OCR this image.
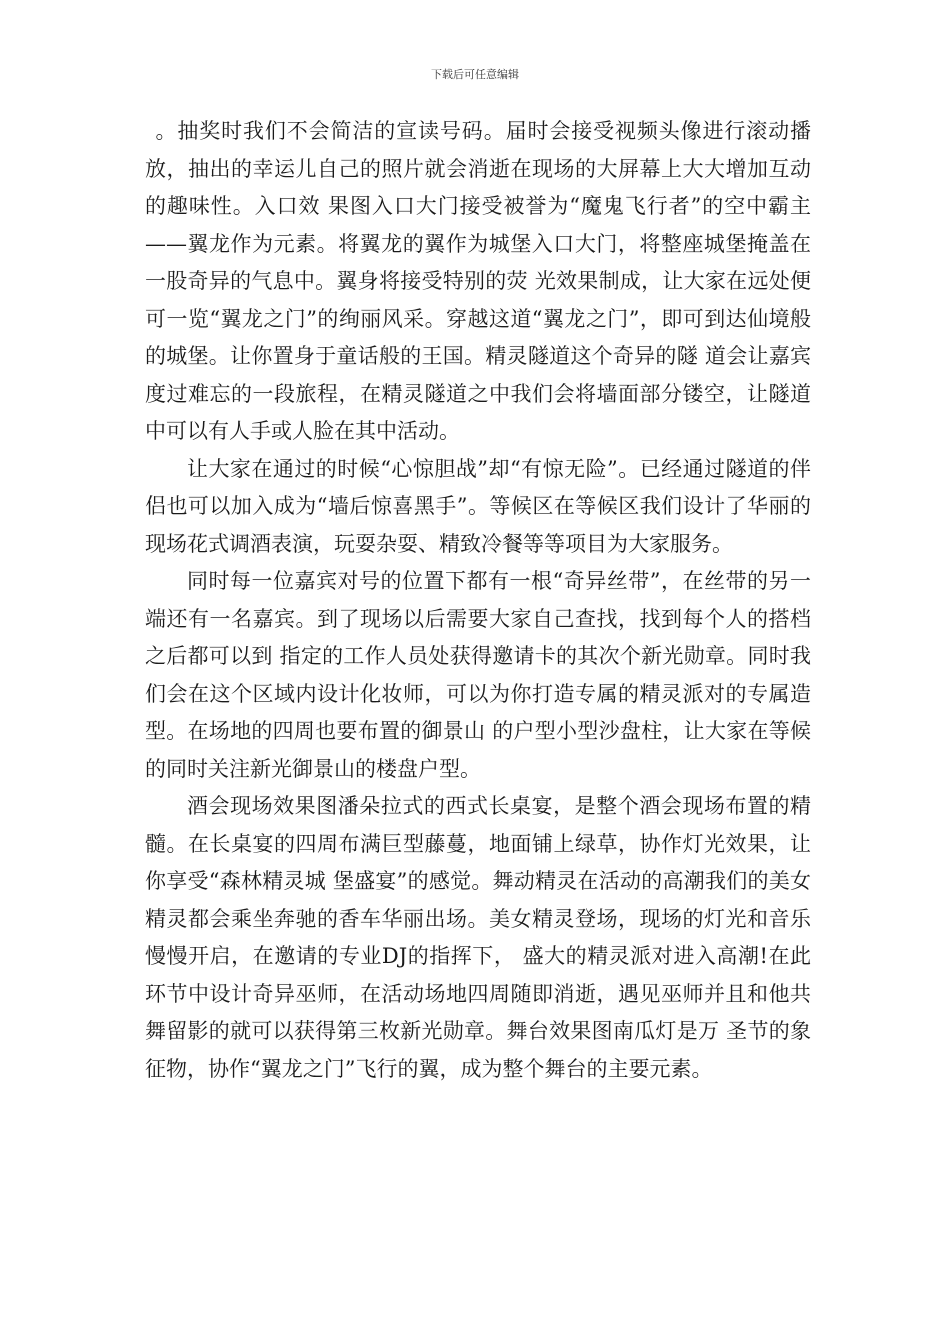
下载后可任意编辑

。抽奖时我们不会简洁的宣读号码。届时会接受视频头像进行滚动播放，抽出的幸运儿自己的照片就会消逝在现场的大屏幕上大大增加互动的趣味性。入口效 果图入口大门接受被誉为“魔鬼飞行者”的空中霸主——翼龙作为元素。将翼龙的翼作为城堡入口大门，将整座城堡掩盖在一股奇异的气息中。翼身将接受特别的荧 光效果制成，让大家在远处便可一览“翼龙之门”的绚丽风采。穿越这道“翼龙之门”，即可到达仙境般的城堡。让你置身于童话般的王国。精灵隧道这个奇异的隧 道会让嘉宾度过难忘的一段旅程，在精灵隧道之中我们会将墙面部分镂空，让隧道中可以有人手或人脸在其中活动。

让大家在通过的时候“心惊胆战”却“有惊无险”。已经通过隧道的伴侣也可以加入成为“墙后惊喜黑手”。等候区在等候区我们设计了华丽的现场花式调酒表演，玩耍杂耍、精致冷餐等等项目为大家服务。

同时每一位嘉宾对号的位置下都有一根“奇异丝带”，在丝带的另一端还有一名嘉宾。到了现场以后需要大家自己查找，找到每个人的搭档之后都可以到 指定的工作人员处获得邀请卡的其次个新光勋章。同时我们会在这个区域内设计化妆师，可以为你打造专属的精灵派对的专属造型。在场地的四周也要布置的御景山 的户型小型沙盘柱，让大家在等候的同时关注新光御景山的楼盘户型。

酒会现场效果图潘朵拉式的西式长桌宴，是整个酒会现场布置的精髓。在长桌宴的四周布满巨型藤蔓，地面铺上绿草，协作灯光效果，让你享受“森林精灵城 堡盛宴”的感觉。舞动精灵在活动的高潮我们的美女精灵都会乘坐奔驰的香车华丽出场。美女精灵登场，现场的灯光和音乐慢慢开启，在邀请的专业DJ的指挥下， 盛大的精灵派对进入高潮!在此环节中设计奇异巫师，在活动场地四周随即消逝，遇见巫师并且和他共舞留影的就可以获得第三枚新光勋章。舞台效果图南瓜灯是万 圣节的象征物，协作“翼龙之门”飞行的翼，成为整个舞台的主要元素。
